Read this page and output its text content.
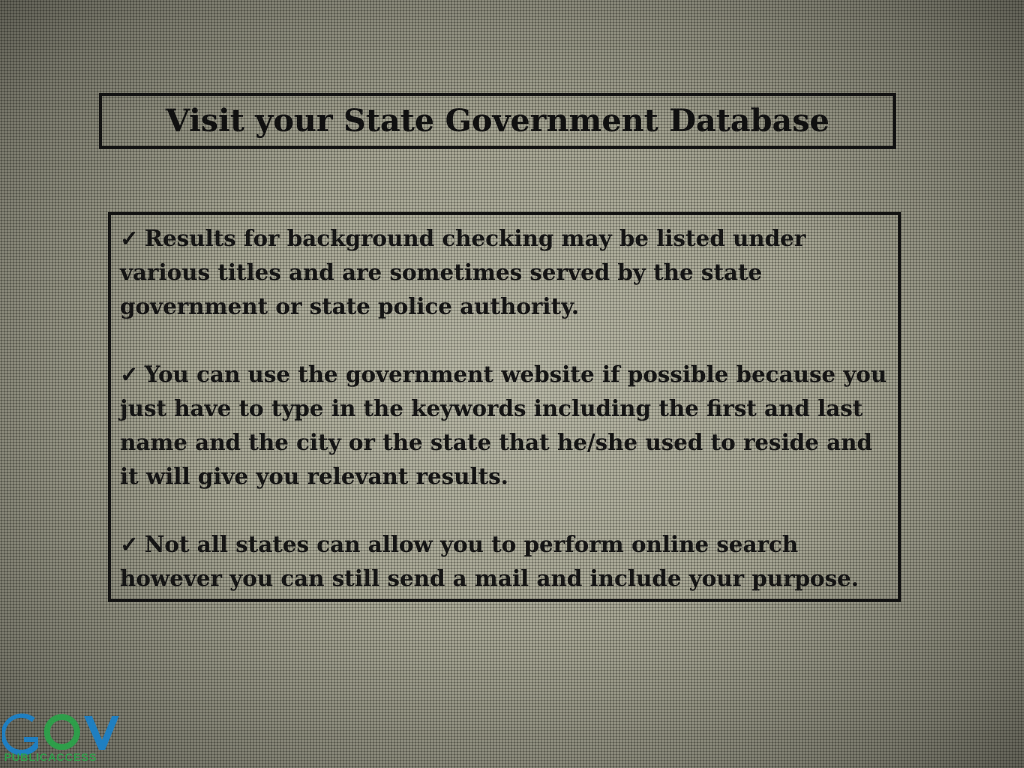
Visit your State Government Database
✓ Results for background checking may be listed under various titles and are sometimes served by the state government or state police authority.
✓ You can use the government website if possible because you just have to type in the keywords including the first and last name and the city or the state that he/she used to reside and it will give you relevant results.
✓ Not all states can allow you to perform online search however you can still send a mail and include your purpose.
PUBLICACCESS
